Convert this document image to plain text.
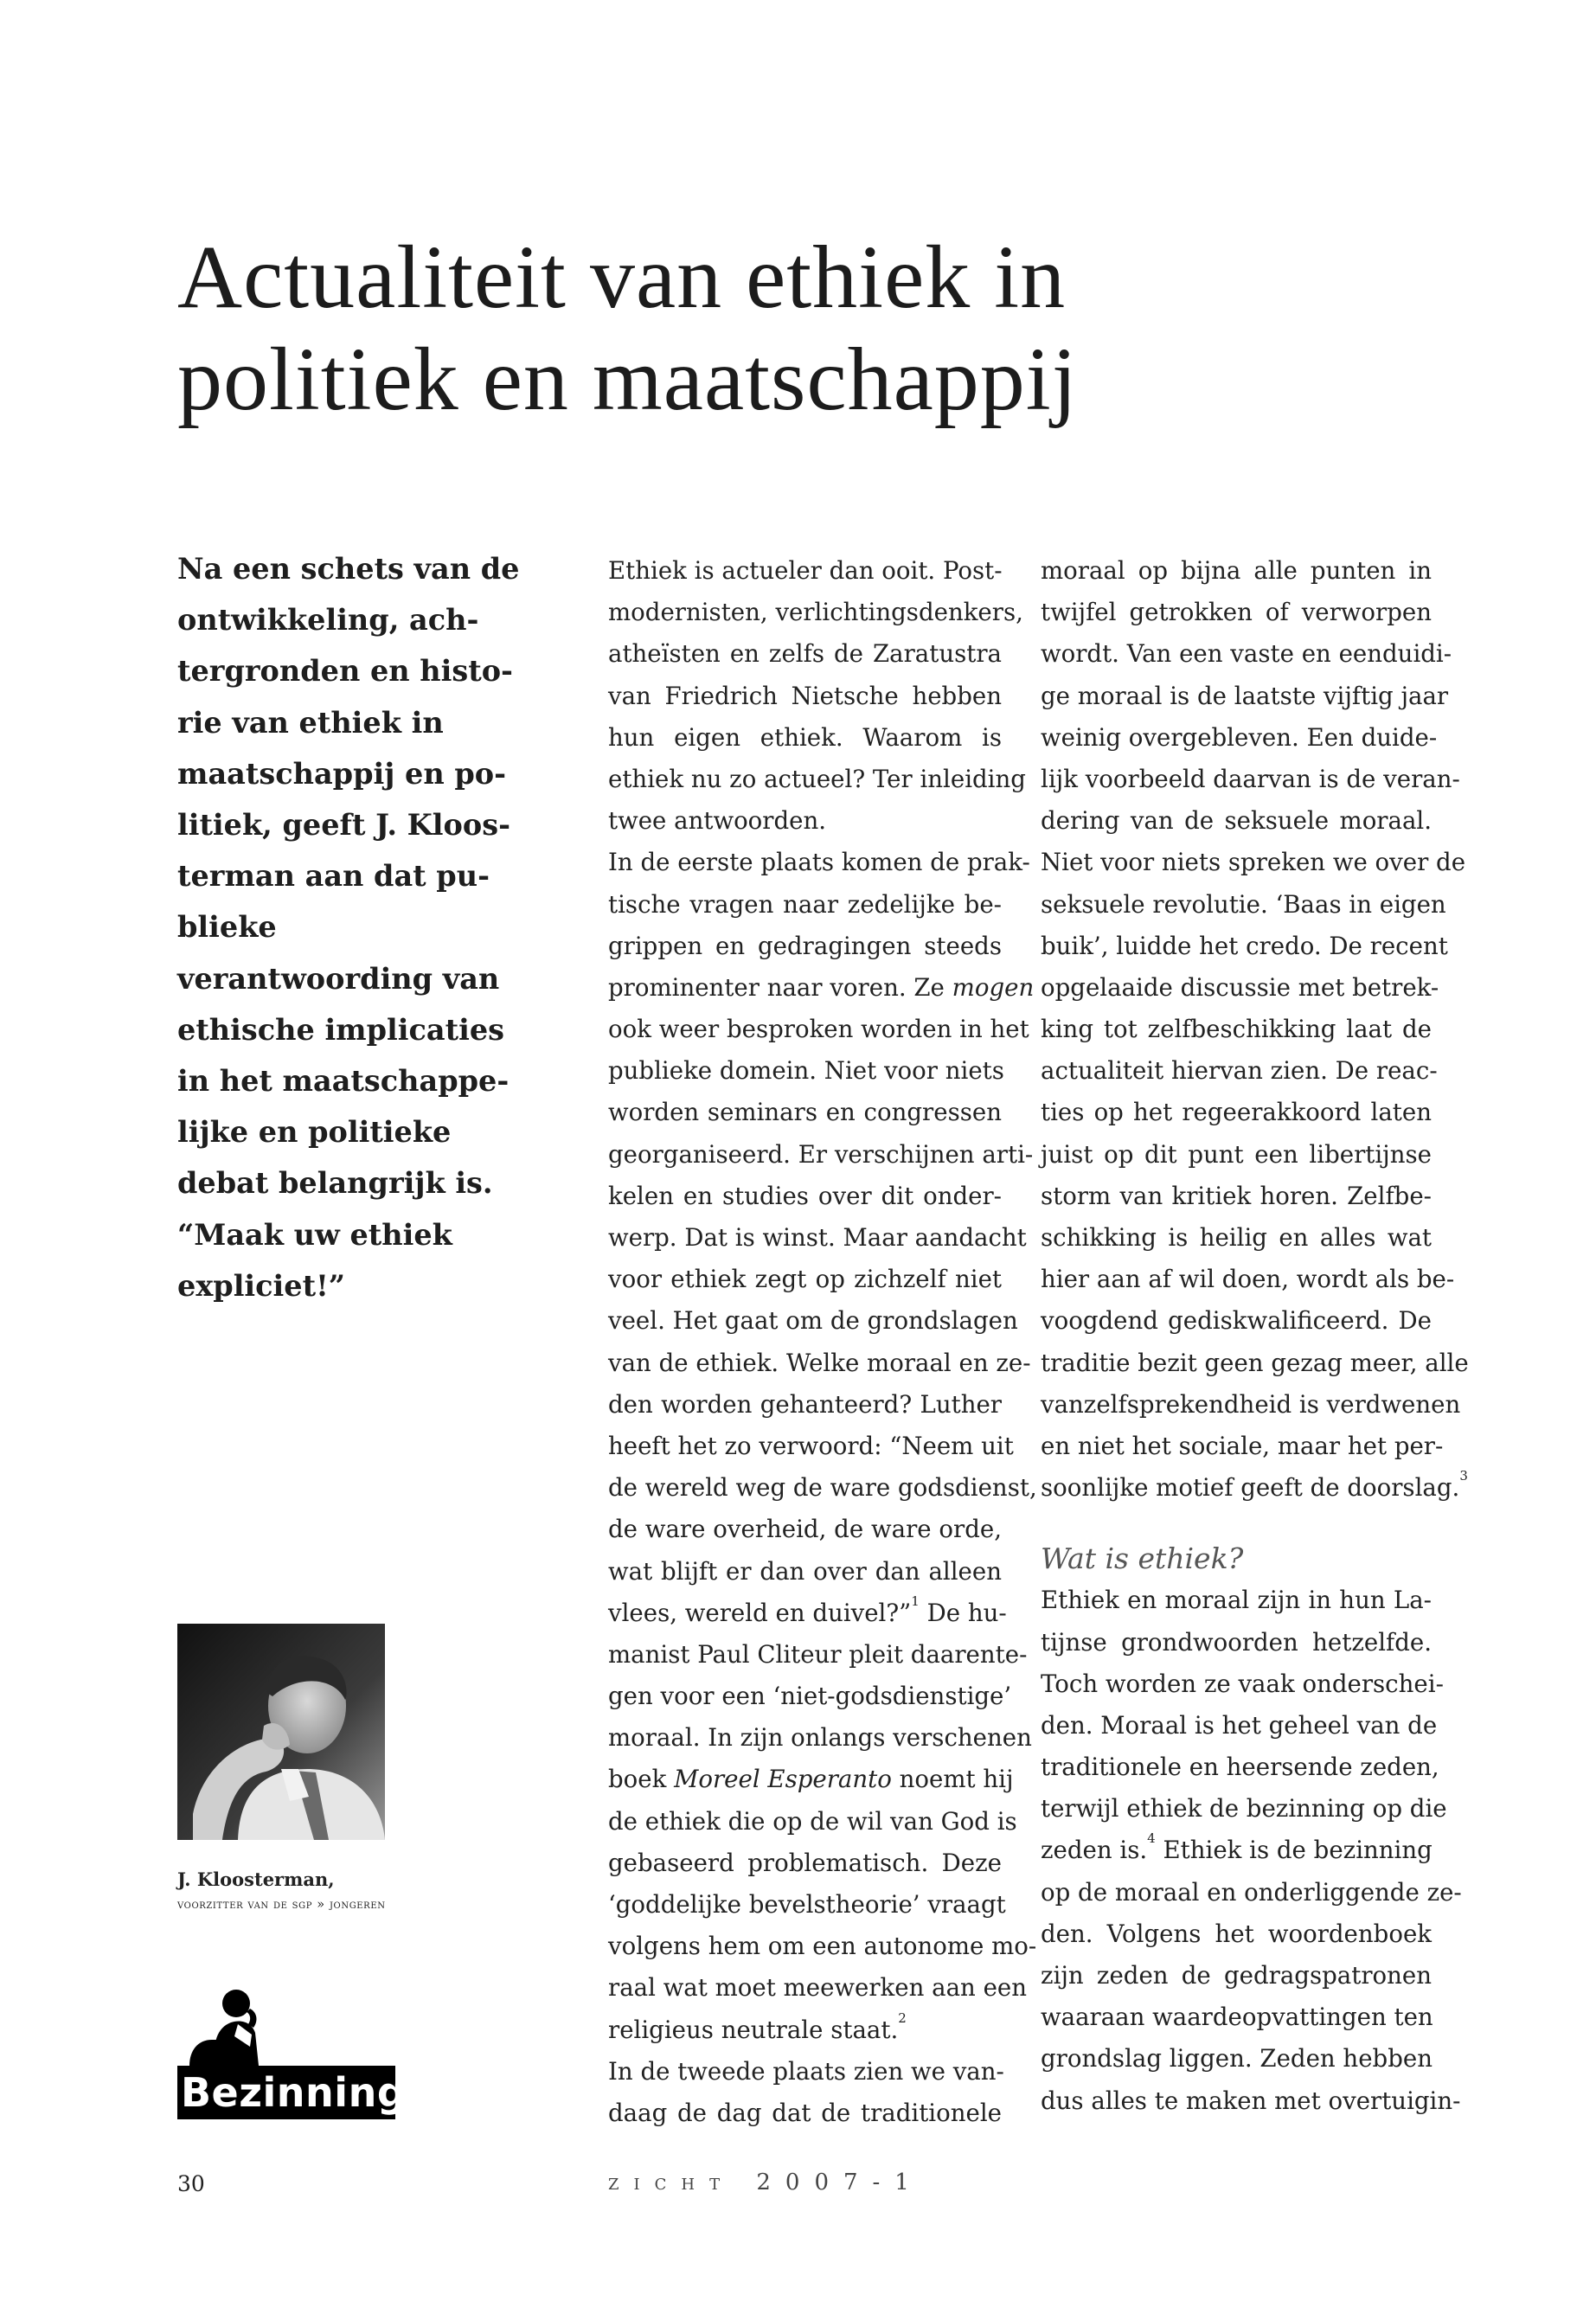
Actualiteit van ethiek in
politiek en maatschappij
Na een schets van de
ontwikkeling, ach-
tergronden en histo-
rie van ethiek in
maatschappij en po-
litiek, geeft J. Kloos-
terman aan dat pu-
blieke
verantwoording van
ethische implicaties
in het maatschappe-
lijke en politieke
debat belangrijk is.
“Maak uw ethiek
expliciet!”
Ethiek is actueler dan ooit. Post-
modernisten, verlichtingsdenkers,
atheïsten en zelfs de Zaratustra
van Friedrich Nietsche hebben
hun eigen ethiek. Waarom is
ethiek nu zo actueel? Ter inleiding
twee antwoorden.
In de eerste plaats komen de prak-
tische vragen naar zedelijke be-
grippen en gedragingen steeds
prominenter naar voren. Ze mogen
ook weer besproken worden in het
publieke domein. Niet voor niets
worden seminars en congressen
georganiseerd. Er verschijnen arti-
kelen en studies over dit onder-
werp. Dat is winst. Maar aandacht
voor ethiek zegt op zichzelf niet
veel. Het gaat om de grondslagen
van de ethiek. Welke moraal en ze-
den worden gehanteerd? Luther
heeft het zo verwoord: “Neem uit
de wereld weg de ware godsdienst,
de ware overheid, de ware orde,
wat blijft er dan over dan alleen
vlees, wereld en duivel?”$^1$ De hu-
manist Paul Cliteur pleit daarente-
gen voor een ‘niet-godsdienstige’
moraal. In zijn onlangs verschenen
boek Moreel Esperanto noemt hij
de ethiek die op de wil van God is
gebaseerd problematisch. Deze
‘goddelijke bevelstheorie’ vraagt
volgens hem om een autonome mo-
raal wat moet meewerken aan een
religieus neutrale staat.$^2$
In de tweede plaats zien we van-
daag de dag dat de traditionele
moraal op bijna alle punten in
twijfel getrokken of verworpen
wordt. Van een vaste en eenduidi-
ge moraal is de laatste vijftig jaar
weinig overgebleven. Een duide-
lijk voorbeeld daarvan is de veran-
dering van de seksuele moraal.
Niet voor niets spreken we over de
seksuele revolutie. ‘Baas in eigen
buik’, luidde het credo. De recent
opgelaaide discussie met betrek-
king tot zelfbeschikking laat de
actualiteit hiervan zien. De reac-
ties op het regeerakkoord laten
juist op dit punt een libertijnse
storm van kritiek horen. Zelfbe-
schikking is heilig en alles wat
hier aan af wil doen, wordt als be-
voogdend gediskwalificeerd. De
traditie bezit geen gezag meer, alle
vanzelfsprekendheid is verdwenen
en niet het sociale, maar het per-
soonlijke motief geeft de doorslag.$^3$
Wat is ethiek?
Ethiek en moraal zijn in hun La-
tijnse grondwoorden hetzelfde.
Toch worden ze vaak onderschei-
den. Moraal is het geheel van de
traditionele en heersende zeden,
terwijl ethiek de bezinning op die
zeden is.$^4$ Ethiek is de bezinning
op de moraal en onderliggende ze-
den. Volgens het woordenboek
zijn zeden de gedragspatronen
waaraan waardeopvattingen ten
grondslag liggen. Zeden hebben
dus alles te maken met overtuigin-
J. Kloosterman,
voorzitter van de sgp » jongeren
Bezinning
30	zicht 2007-1
